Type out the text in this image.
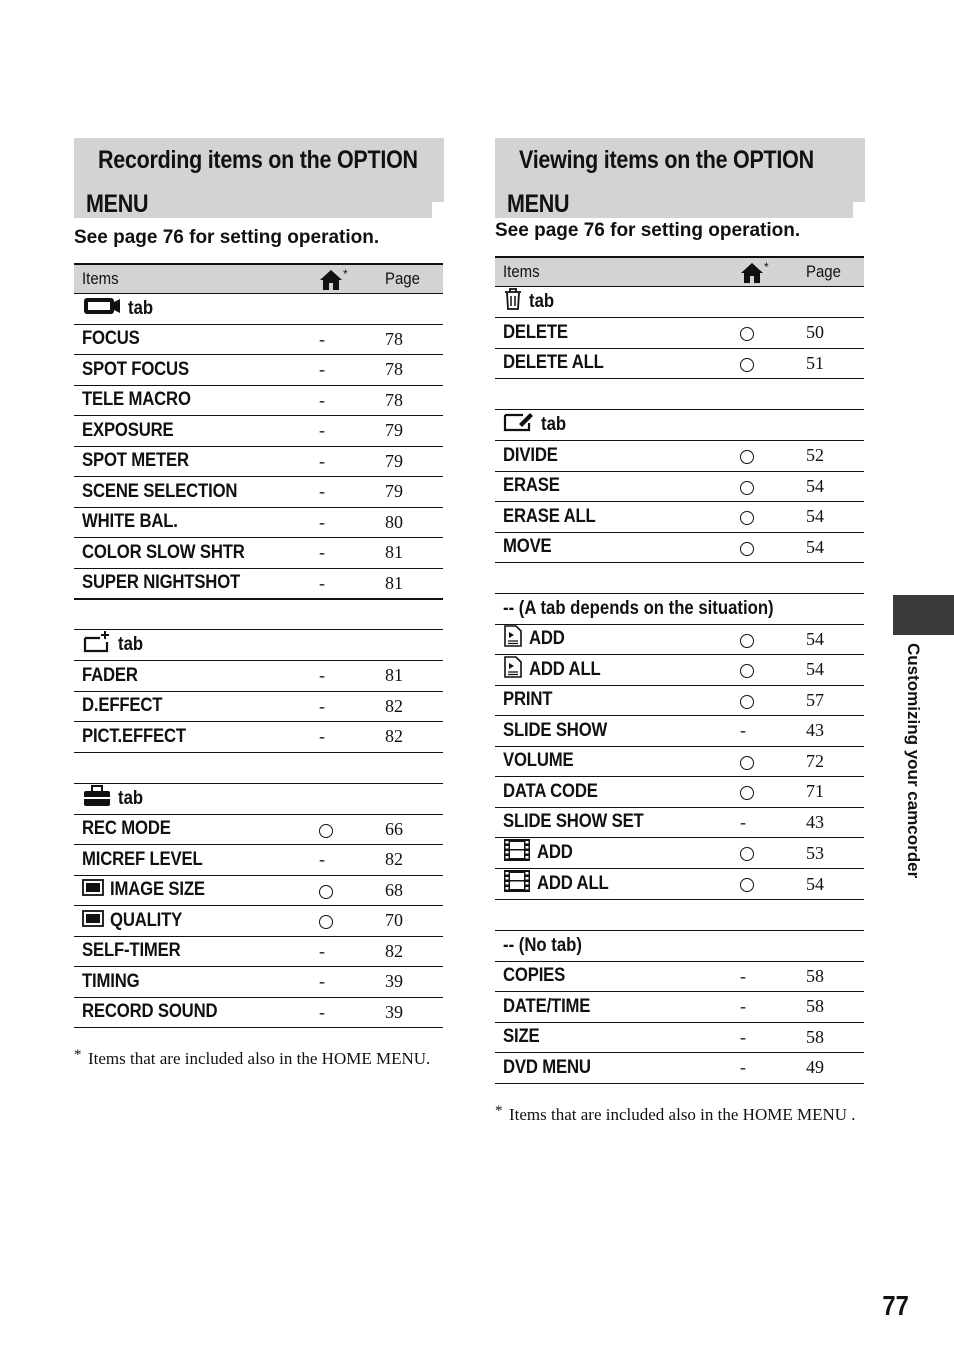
Recording items on the OPTION
MENU
See page 76 for setting operation.
Items	*	Page
tab		
FOCUS	-	78
SPOT FOCUS	-	78
TELE MACRO	-	78
EXPOSURE	-	79
SPOT METER	-	79
SCENE SELECTION	-	79
WHITE BAL.	-	80
COLOR SLOW SHTR	-	81
SUPER NIGHTSHOT	-	81

tab		
FADER	-	81
D.EFFECT	-	82
PICT.EFFECT	-	82

tab		
REC MODE		66
MICREF LEVEL	-	82
IMAGE SIZE		68
QUALITY		70
SELF-TIMER	-	82
TIMING	-	39
RECORD SOUND	-	39
* Items that are included also in the HOME MENU.
Viewing items on the OPTION
MENU
See page 76 for setting operation.
Items	*	Page
tab		
DELETE		50
DELETE ALL		51

tab		
DIVIDE		52
ERASE		54
ERASE ALL		54
MOVE		54

-- (A tab depends on the situation)		
ADD		54
ADD ALL		54
PRINT		57
SLIDE SHOW	-	43
VOLUME		72
DATA CODE		71
SLIDE SHOW SET	-	43
ADD		53
ADD ALL		54

-- (No tab)		
COPIES	-	58
DATE/TIME	-	58
SIZE	-	58
DVD MENU	-	49
* Items that are included also in the HOME MENU .
Customizing your camcorder
77
